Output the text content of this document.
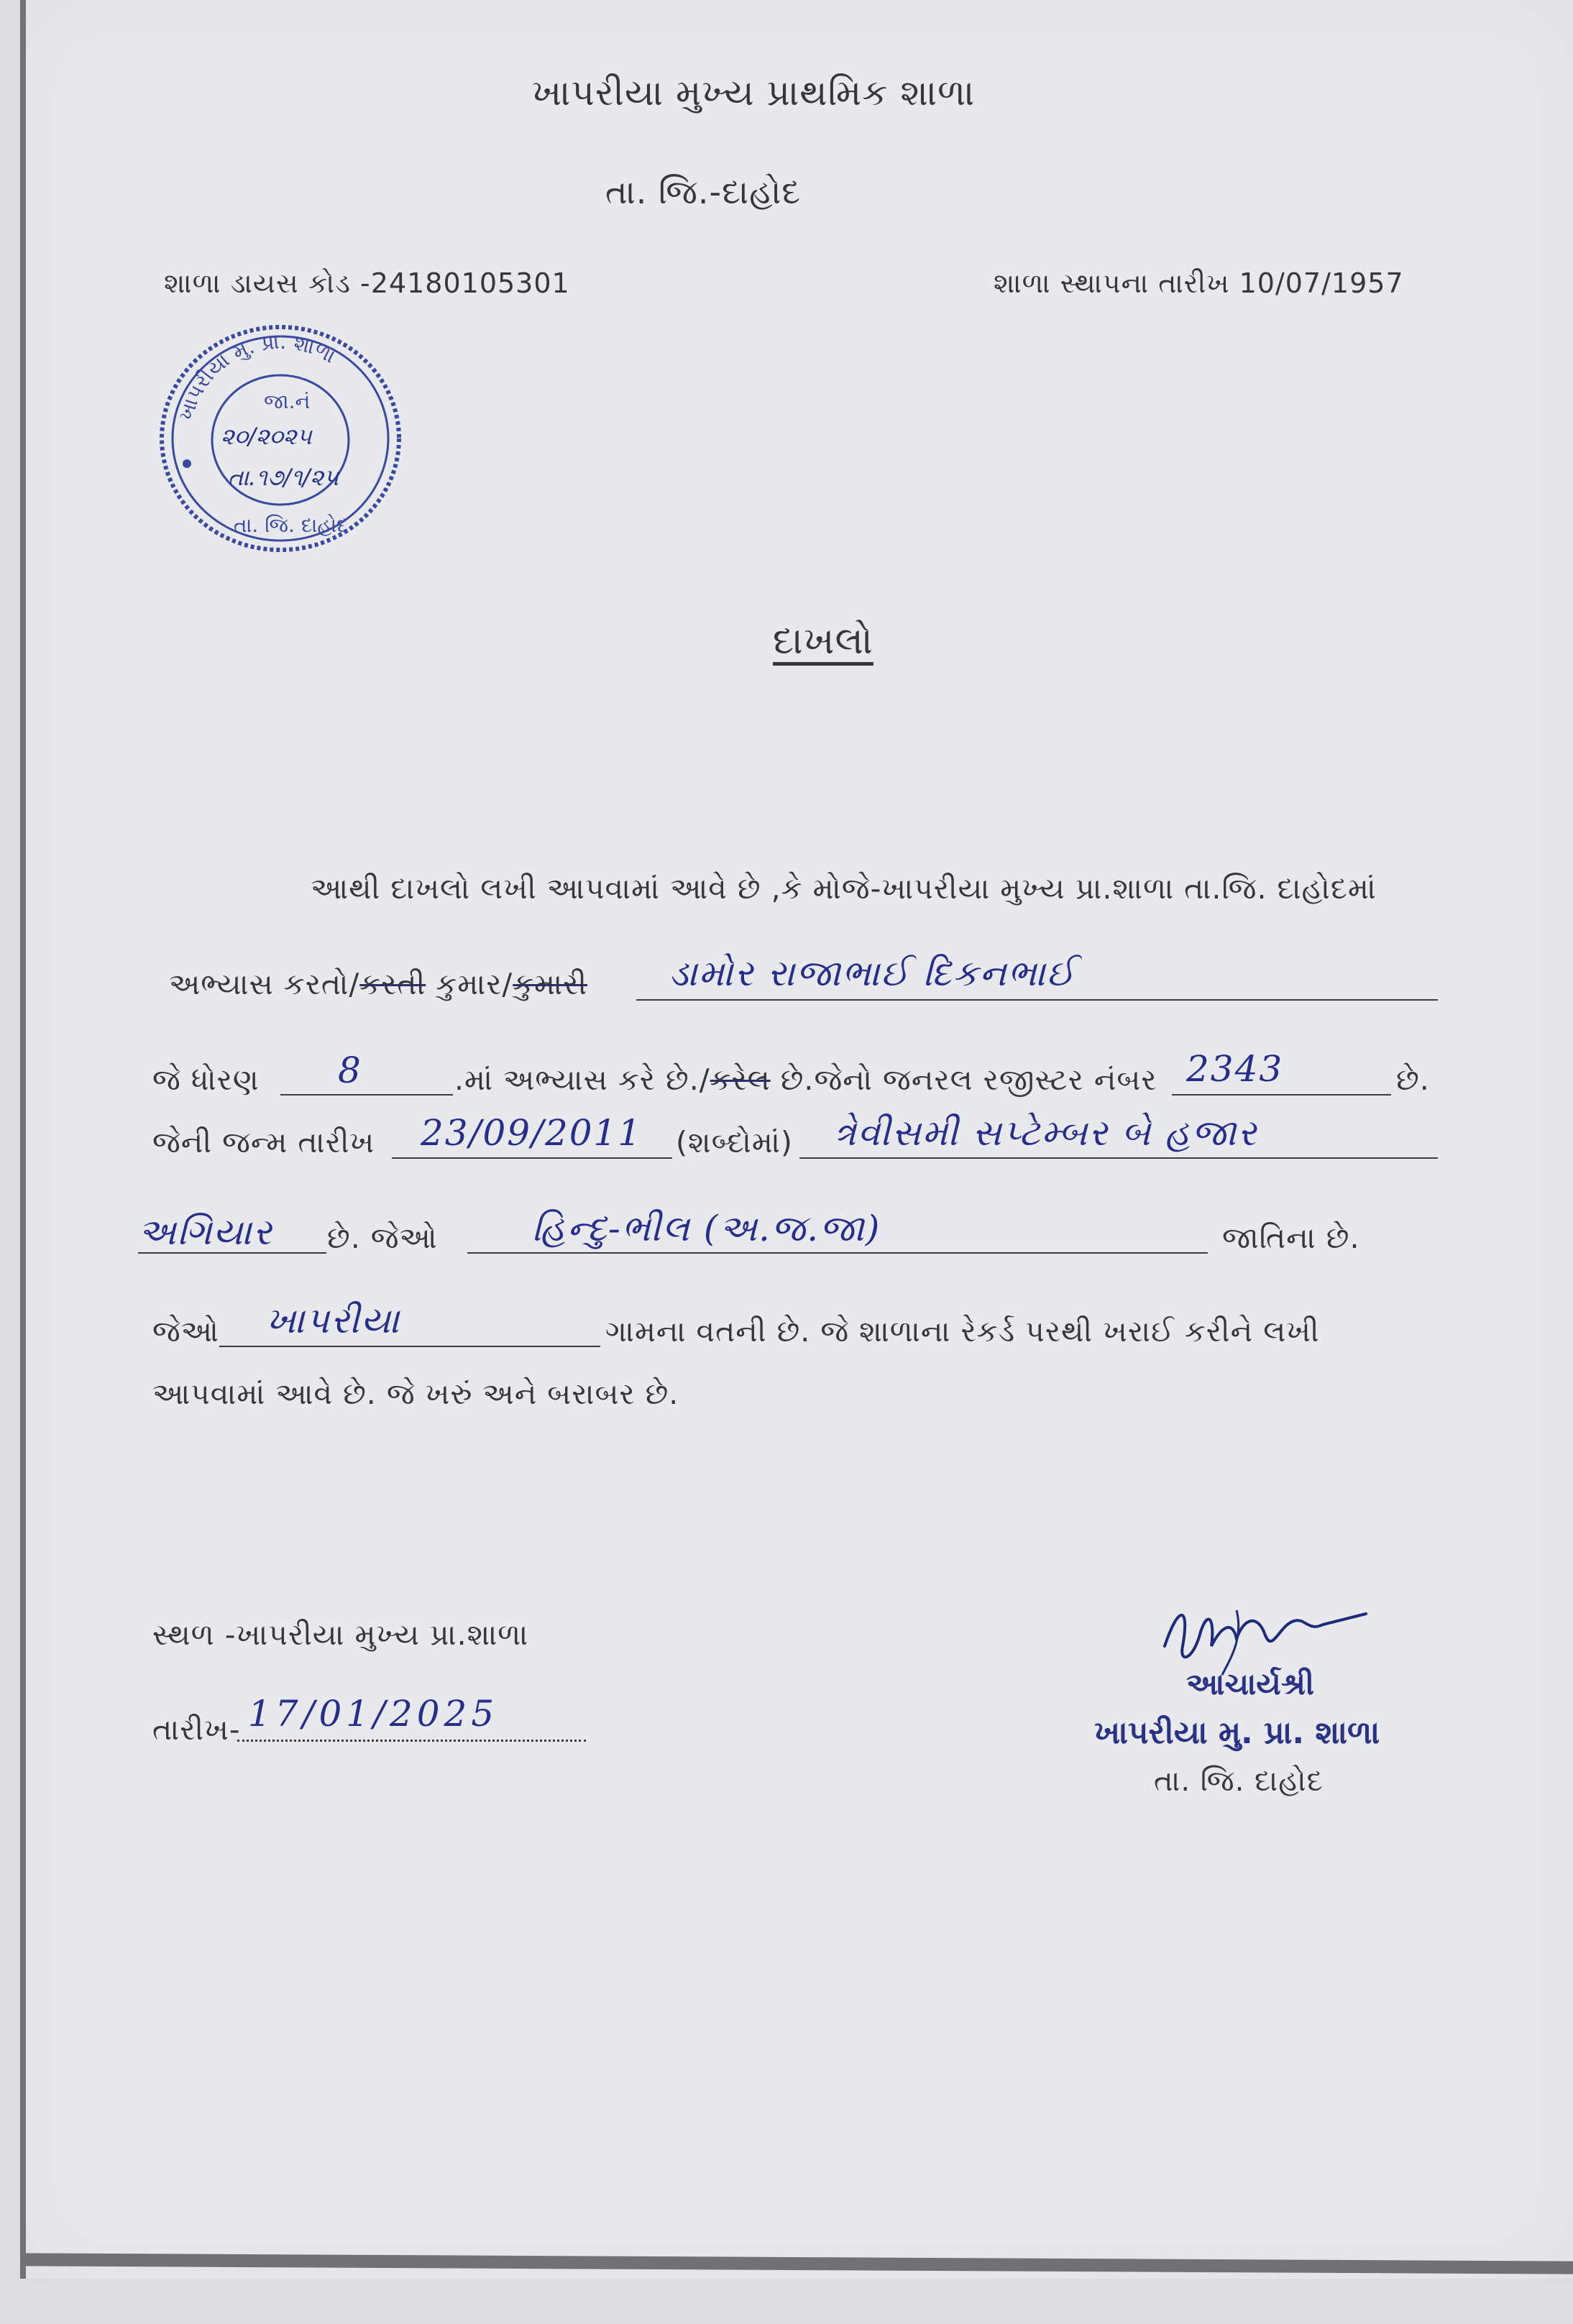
ખાપરીયા મુખ્ય પ્રાથમિક શાળા
તા. જિ.-દાહોદ
શાળા ડાયસ કોડ -24180105301	શાળા સ્થાપના તારીખ 10/07/1957
ખાપરીયા મુ. પ્રા. શાળા
જા.નં
૨૦/૨૦૨૫
તા.૧૭/૧/૨૫
તા. જિ. દાહોદ
દાખલો
આથી દાખલો લખી આપવામાં આવે છે ,કે મોજે-ખાપરીયા મુખ્ય પ્રા.શાળા તા.જિ. દાહોદમાં
અભ્યાસ કરતો/કરતી કુમાર/કુમારી ડામોર રાજાભાઈ દિકનભાઈ
જે ધોરણ 8	.માં અભ્યાસ કરે છે./કરેલ છે.જેનો જનરલ રજીસ્ટર નંબર 2343	છે.
જેની જન્મ તારીખ 23/09/2011 (શબ્દોમાં) ત્રેવીસમી સપ્ટેમ્બર બે હજાર
અગિયાર છે. જેઓ	હિન્દુ-ભીલ (અ.જ.જા)	જાતિના છે.
જેઓ ખાપરીયા	ગામના વતની છે. જે શાળાના રેકર્ડ પરથી ખરાઈ કરીને લખી
આપવામાં આવે છે. જે ખરું અને બરાબર છે.
સ્થળ -ખાપરીયા મુખ્ય પ્રા.શાળા
તારીખ- 17/01/2025
આચાર્યશ્રી
ખાપરીયા મુ. પ્રા. શાળા
તા. જિ. દાહોદ
